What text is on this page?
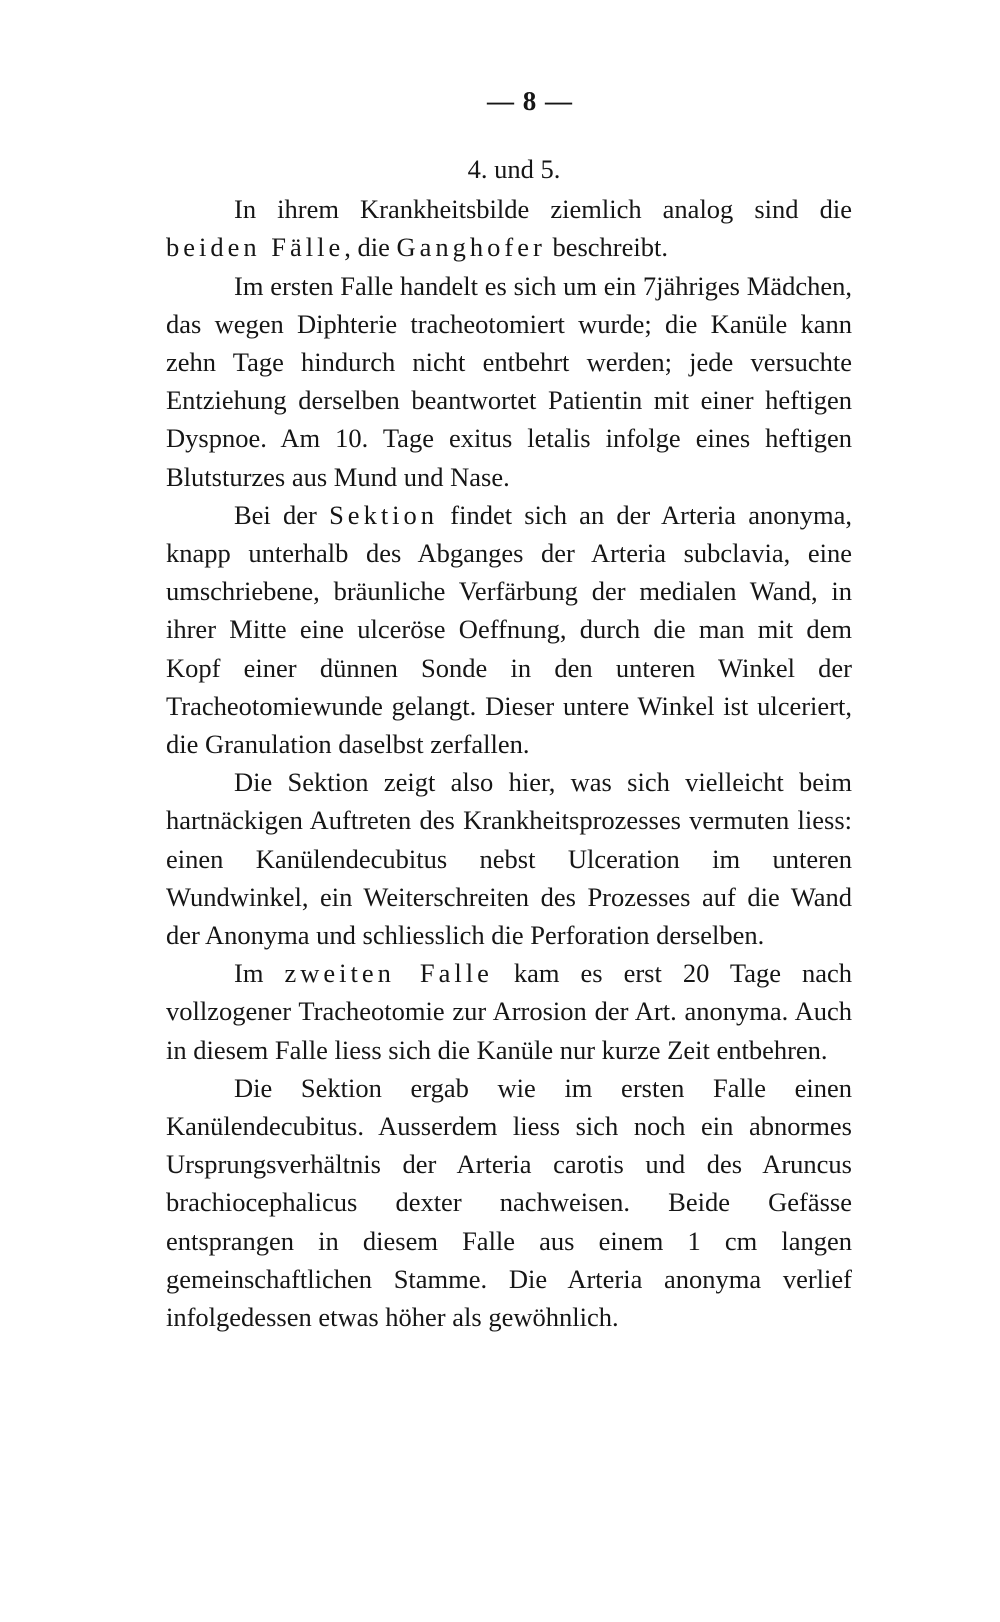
— 8 —
4. und 5.

In ihrem Krankheitsbilde ziemlich analog sind die beiden Fälle, die Ganghofer beschreibt.

Im ersten Falle handelt es sich um ein 7jähriges Mädchen, das wegen Diphterie tracheotomiert wurde; die Kanüle kann zehn Tage hindurch nicht entbehrt werden; jede versuchte Entziehung derselben beantwortet Patientin mit einer heftigen Dyspnoe. Am 10. Tage exitus letalis infolge eines heftigen Blutsturzes aus Mund und Nase.

Bei der Sektion findet sich an der Arteria anonyma, knapp unterhalb des Abganges der Arteria subclavia, eine umschriebene, bräunliche Verfärbung der medialen Wand, in ihrer Mitte eine ulceröse Oeffnung, durch die man mit dem Kopf einer dünnen Sonde in den unteren Winkel der Tracheotomiewunde gelangt. Dieser untere Winkel ist ulceriert, die Granulation daselbst zerfallen.

Die Sektion zeigt also hier, was sich vielleicht beim hartnäckigen Auftreten des Krankheitsprozesses vermuten liess: einen Kanülendecubitus nebst Ulceration im unteren Wundwinkel, ein Weiterschreiten des Prozesses auf die Wand der Anonyma und schliesslich die Perforation derselben.

Im zweiten Falle kam es erst 20 Tage nach vollzogener Tracheotomie zur Arrosion der Art. anonyma. Auch in diesem Falle liess sich die Kanüle nur kurze Zeit entbehren.

Die Sektion ergab wie im ersten Falle einen Kanülendecubitus. Ausserdem liess sich noch ein abnormes Ursprungsverhältnis der Arteria carotis und des Aruncus brachiocephalicus dexter nachweisen. Beide Gefässe entsprangen in diesem Falle aus einem 1 cm langen gemeinschaftlichen Stamme. Die Arteria anonyma verlief infolgedessen etwas höher als gewöhnlich.
